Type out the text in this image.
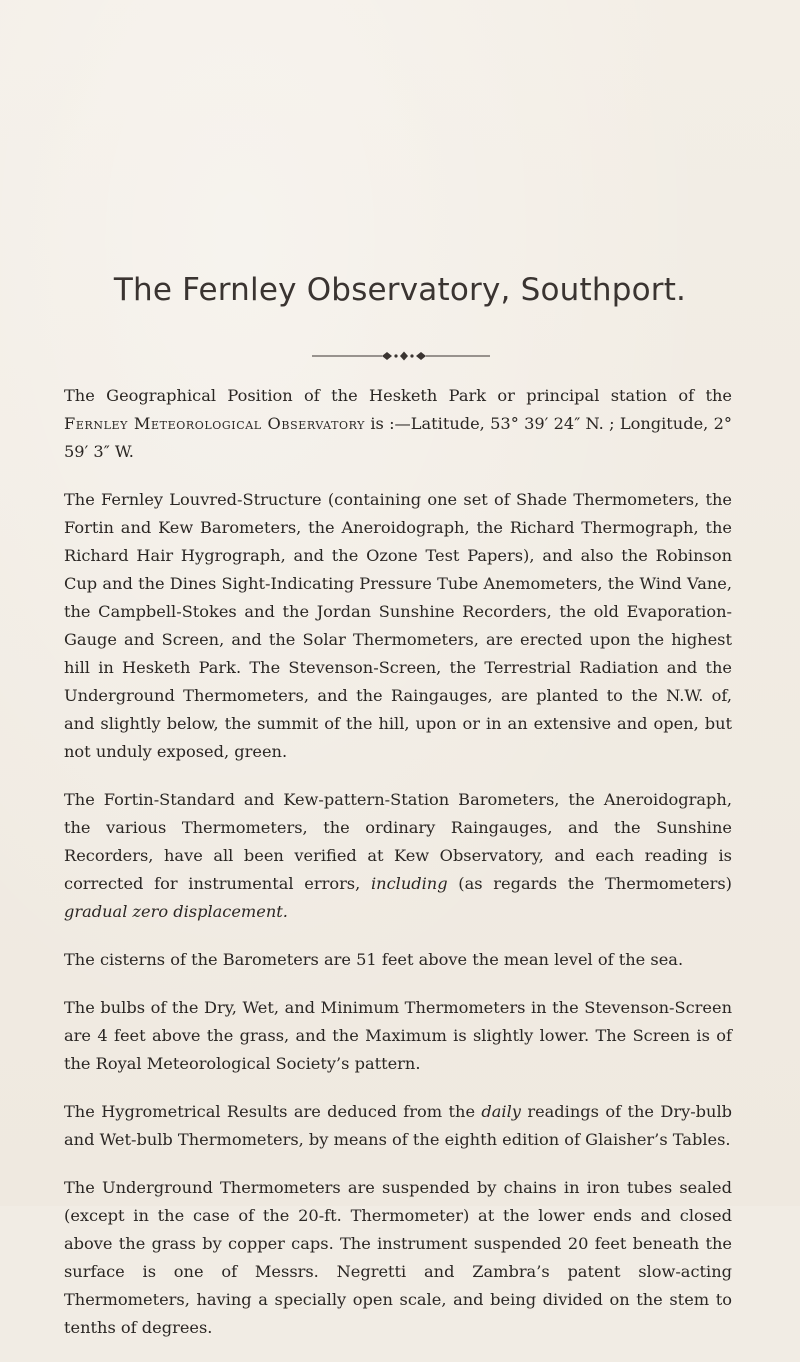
The Fernley Observatory, Southport.

The Geographical Position of the Hesketh Park or principal station of the Fernley Meteorological Observatory is :—Latitude, 53° 39′ 24″ N. ; Longitude, 2° 59′ 3″ W.

The Fernley Louvred-Structure (containing one set of Shade Thermometers, the Fortin and Kew Barometers, the Aneroidograph, the Richard Thermograph, the Richard Hair Hygrograph, and the Ozone Test Papers), and also the Robinson Cup and the Dines Sight-Indicating Pressure Tube Anemometers, the Wind Vane, the Campbell-Stokes and the Jordan Sunshine Recorders, the old Evaporation-Gauge and Screen, and the Solar Thermometers, are erected upon the highest hill in Hesketh Park. The Stevenson-Screen, the Terrestrial Radiation and the Underground Thermometers, and the Raingauges, are planted to the N.W. of, and slightly below, the summit of the hill, upon or in an extensive and open, but not unduly exposed, green.

The Fortin-Standard and Kew-pattern-Station Barometers, the Aneroidograph, the various Thermometers, the ordinary Raingauges, and the Sunshine Recorders, have all been verified at Kew Observatory, and each reading is corrected for instrumental errors, including (as regards the Thermometers) gradual zero displacement.

The cisterns of the Barometers are 51 feet above the mean level of the sea.

The bulbs of the Dry, Wet, and Minimum Thermometers in the Stevenson-Screen are 4 feet above the grass, and the Maximum is slightly lower. The Screen is of the Royal Meteorological Society’s pattern.

The Hygrometrical Results are deduced from the daily readings of the Dry-bulb and Wet-bulb Thermometers, by means of the eighth edition of Glaisher’s Tables.

The Underground Thermometers are suspended by chains in iron tubes sealed (except in the case of the 20-ft. Thermometer) at the lower ends and closed above the grass by copper caps. The instrument suspended 20 feet beneath the surface is one of Messrs. Negretti and Zambra’s patent slow-acting Thermometers, having a specially open scale, and being divided on the stem to tenths of degrees.
